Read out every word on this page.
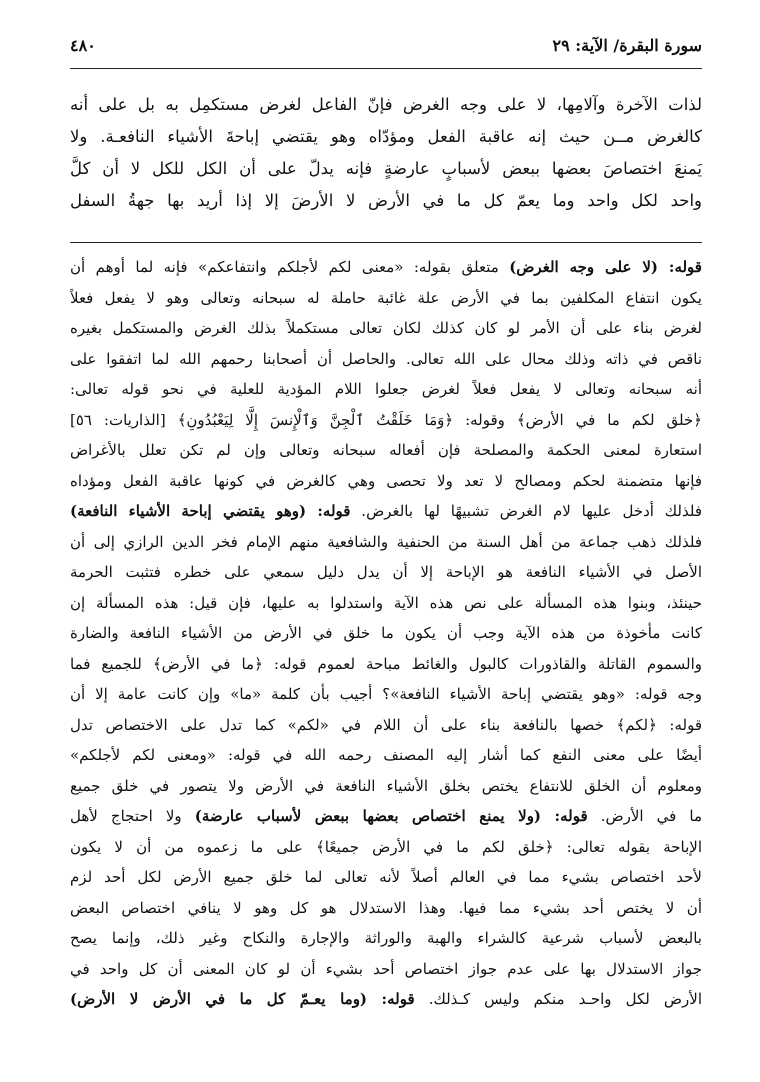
سورة البقرة/ الآية: ٢٩
٤٨٠
لذات الآخرة وآلامِها، لا على وجه الغرض فإنّ الفاعل لغرض مستكمِل به بل على أنه
كالغرض مــن حيث إنه عاقبة الفعل ومؤدّاه وهو يقتضي إباحةَ الأشياء النافعـة. ولا
يَمنعَ اختصاصَ بعضها ببعض لأسبابٍ عارضةٍ فإنه يدلّ على أن الكل للكل لا أن كلَّ
واحد لكل واحد وما يعمّ كل ما في الأرض لا الأرضَ إلا إذا أريد بها جهةُ السفل
قوله: (لا على وجه الغرض) متعلق بقوله: «معنى لكم لأجلكم وانتفاعكم» فإنه لما أوهم أن
يكون انتفاع المكلفين بما في الأرض علة غائبة حاملة له سبحانه وتعالى وهو لا يفعل فعلاً
لغرض بناء على أن الأمر لو كان كذلك لكان تعالى مستكملاً بذلك الغرض والمستكمل بغيره
ناقص في ذاته وذلك محال على الله تعالى. والحاصل أن أصحابنا رحمهم الله لما اتفقوا على
أنه سبحانه وتعالى لا يفعل فعلاً لغرض جعلوا اللام المؤدية للعلية في نحو قوله تعالى:
﴿خلق لكم ما في الأرض﴾ وقوله: ﴿وَمَا خَلَقْتُ ٱلْجِنَّ وَٱلْإِنسَ إِلَّا لِيَعْبُدُونِ﴾ [الذاريات: ٥٦]
استعارة لمعنى الحكمة والمصلحة فإن أفعاله سبحانه وتعالى وإن لم تكن تعلل بالأغراض
فإنها متضمنة لحكم ومصالح لا تعد ولا تحصى وهي كالغرض في كونها عاقبة الفعل ومؤداه
فلذلك أدخل عليها لام الغرض تشبيهًا لها بالغرض. قوله: (وهو يقتضي إباحة الأشياء النافعة)
فلذلك ذهب جماعة من أهل السنة من الحنفية والشافعية منهم الإمام فخر الدين الرازي إلى أن
الأصل في الأشياء النافعة هو الإباحة إلا أن يدل دليل سمعي على خطره فتثبت الحرمة
حينئذ، وبنوا هذه المسألة على نص هذه الآية واستدلوا به عليها، فإن قيل: هذه المسألة إن
كانت مأخوذة من هذه الآية وجب أن يكون ما خلق في الأرض من الأشياء النافعة والضارة
والسموم القاتلة والقاذورات كالبول والغائط مباحة لعموم قوله: ﴿ما في الأرض﴾ للجميع فما
وجه قوله: «وهو يقتضي إباحة الأشياء النافعة»؟ أجيب بأن كلمة «ما» وإن كانت عامة إلا أن
قوله: ﴿لكم﴾ خصها بالنافعة بناء على أن اللام في «لكم» كما تدل على الاختصاص تدل
أيضًا على معنى النفع كما أشار إليه المصنف رحمه الله في قوله: «ومعنى لكم لأجلكم»
ومعلوم أن الخلق للانتفاع يختص بخلق الأشياء النافعة في الأرض ولا يتصور في خلق جميع
ما في الأرض. قوله: (ولا يمنع اختصاص بعضها ببعض لأسباب عارضة) ولا احتجاج لأهل
الإباحة بقوله تعالى: ﴿خلق لكم ما في الأرض جميعًا﴾ على ما زعموه من أن لا يكون
لأحد اختصاص بشيء مما في العالم أصلاً لأنه تعالى لما خلق جميع الأرض لكل أحد لزم
أن لا يختص أحد بشيء مما فيها. وهذا الاستدلال هو كل وهو لا ينافي اختصاص البعض
بالبعض لأسباب شرعية كالشراء والهبة والوراثة والإجارة والنكاح وغير ذلك، وإنما يصح
جواز الاستدلال بها على عدم جواز اختصاص أحد بشيء أن لو كان المعنى أن كل واحد في
الأرض لكل واحـد منكم وليس كـذلك. قوله: (وما يعـمّ كل ما في الأرض لا الأرض)
